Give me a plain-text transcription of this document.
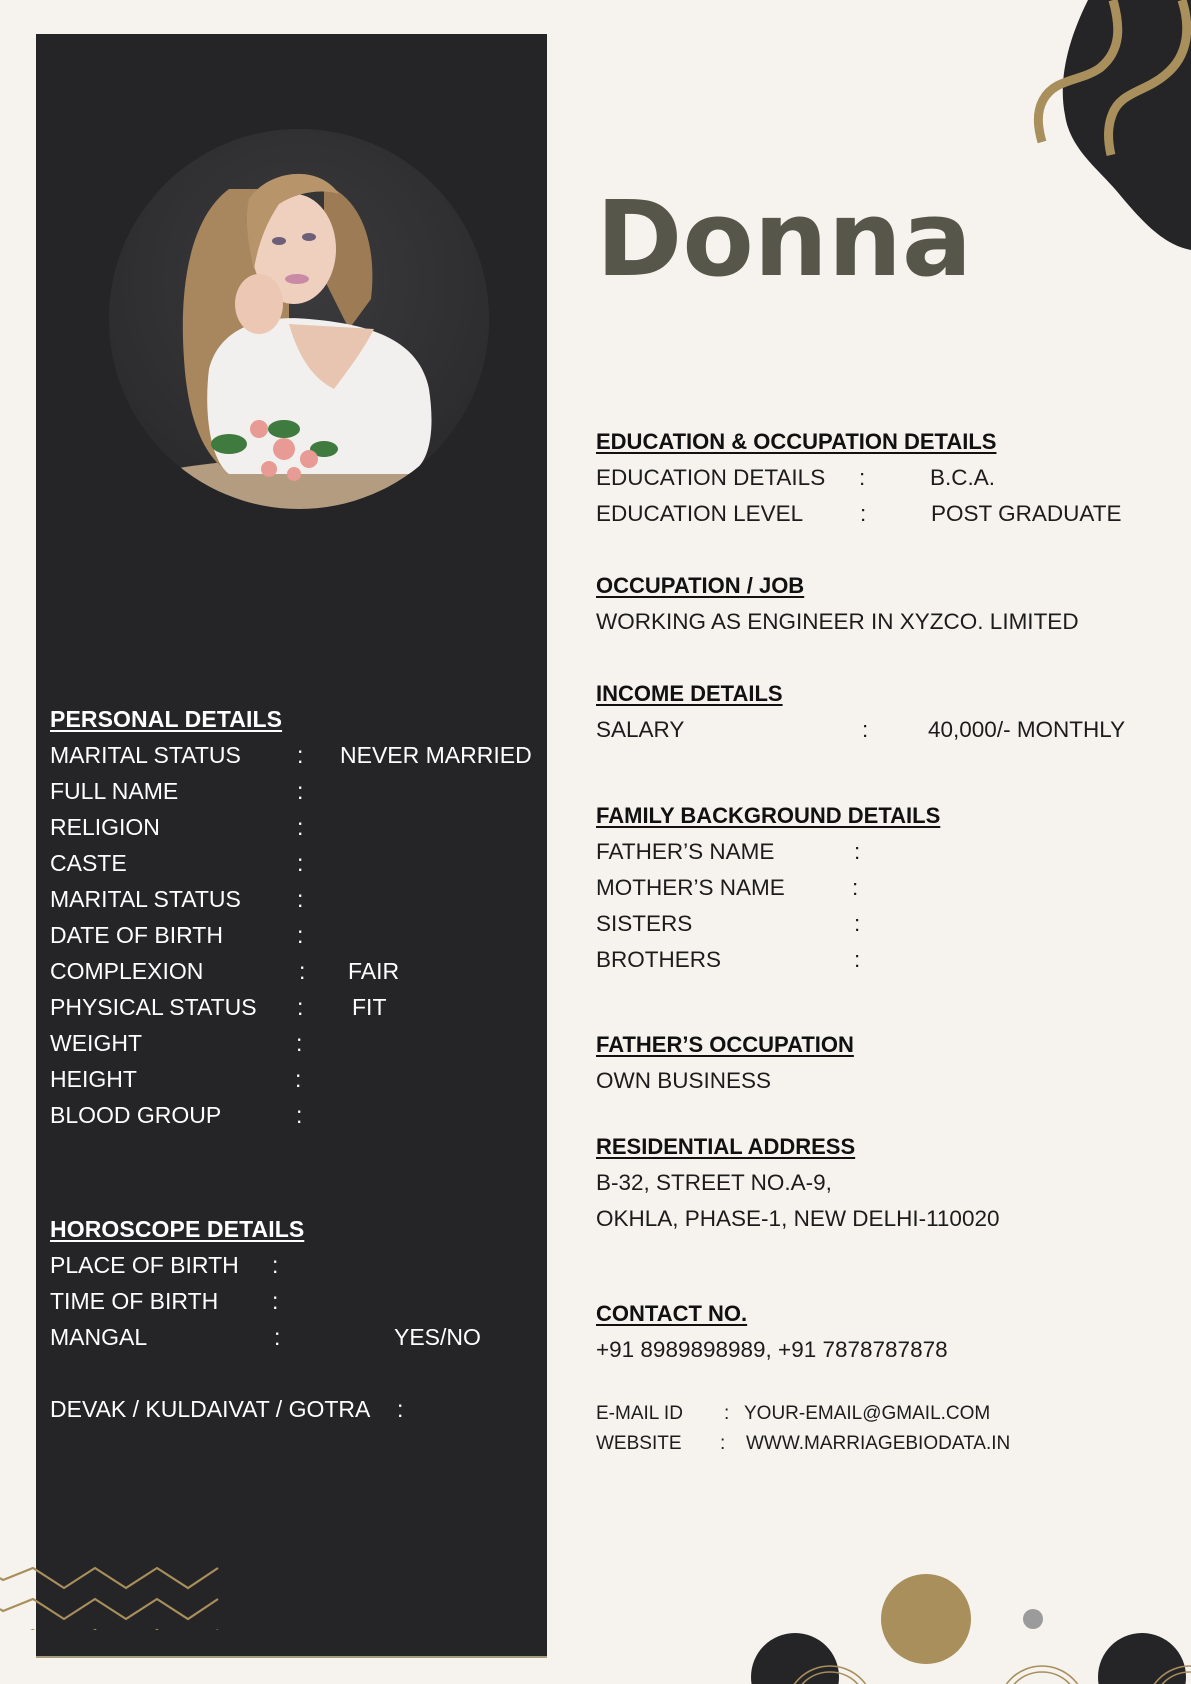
Donna
PERSONAL DETAILS
MARITAL STATUS : NEVER MARRIED
FULL NAME	:
RELIGION	:
CASTE	:
MARITAL STATUS :
DATE OF BIRTH	:
COMPLEXION	: FAIR
PHYSICAL STATUS : FIT
WEIGHT	:
HEIGHT	:
BLOOD GROUP	:
HOROSCOPE DETAILS
PLACE OF BIRTH :
TIME OF BIRTH :
MANGAL	:	YES/NO
DEVAK / KULDAIVAT / GOTRA :
EDUCATION & OCCUPATION DETAILS
EDUCATION DETAILS :	B.C.A.
EDUCATION LEVEL	:	POST GRADUATE
OCCUPATION / JOB
WORKING AS ENGINEER IN XYZCO. LIMITED
INCOME DETAILS
SALARY	:	40,000/- MONTHLY
FAMILY BACKGROUND DETAILS
FATHER’S NAME	:
MOTHER’S NAME	:
SISTERS	:
BROTHERS	:
FATHER’S OCCUPATION
OWN BUSINESS
RESIDENTIAL ADDRESS
B-32, STREET NO.A-9,
OKHLA, PHASE-1, NEW DELHI-110020
CONTACT NO.
+91 8989898989, +91 7878787878
E-MAIL ID : YOUR-EMAIL@GMAIL.COM
WEBSITE : WWW.MARRIAGEBIODATA.IN
